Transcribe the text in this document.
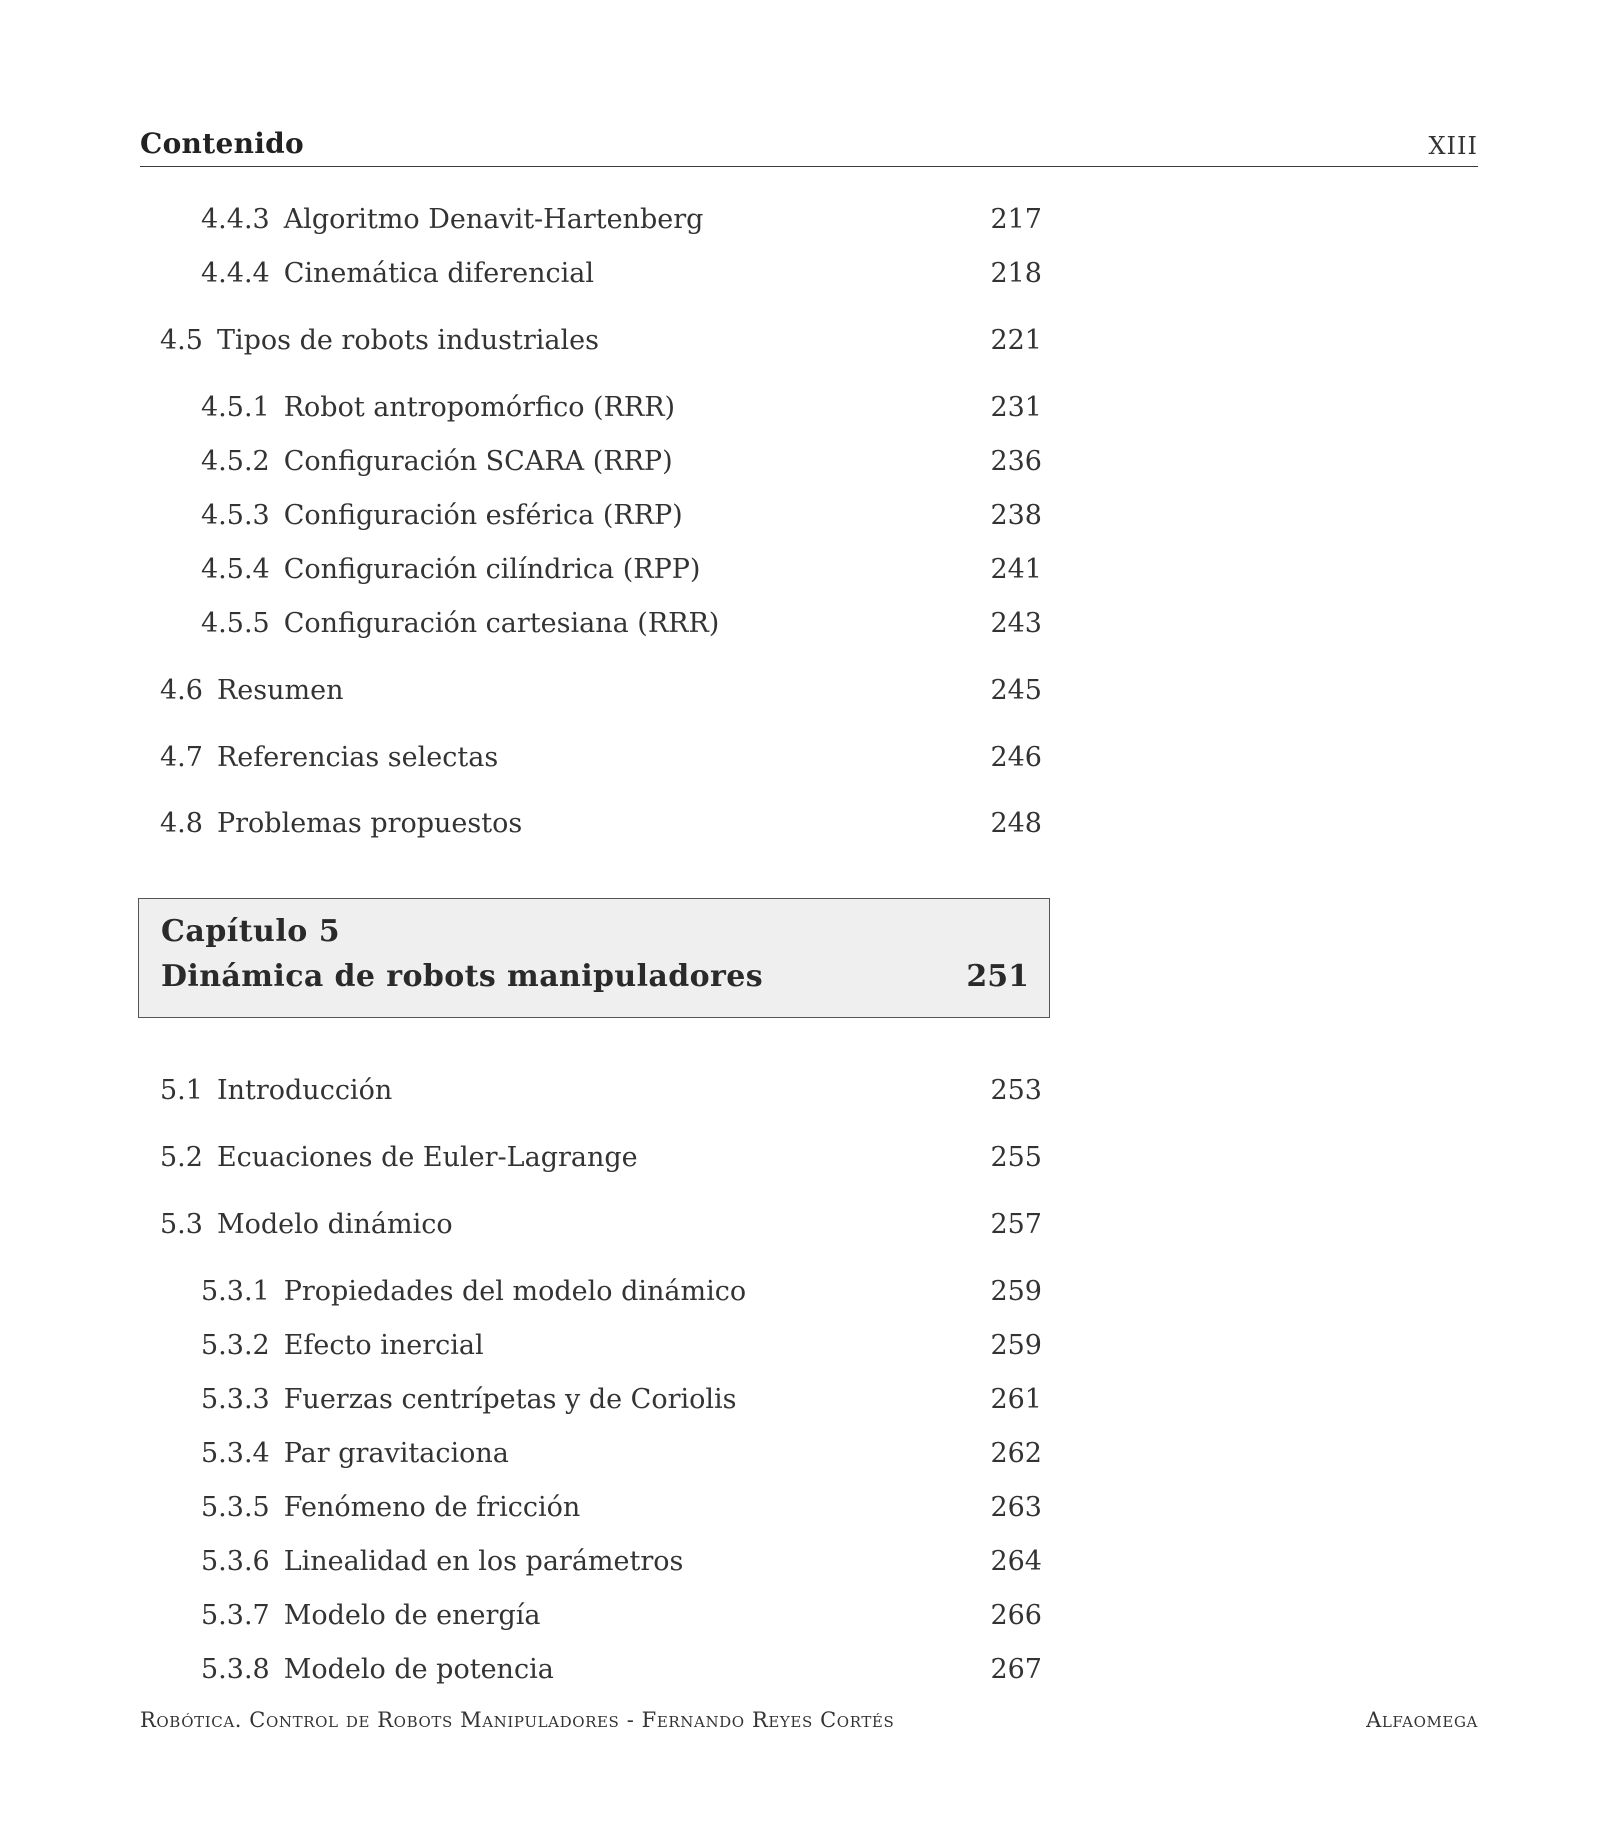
Contenido	XIII
4.4.3 Algoritmo Denavit-Hartenberg	217
4.4.4 Cinemática diferencial	218
4.5 Tipos de robots industriales	221
4.5.1 Robot antropomórfico (RRR)	231
4.5.2 Configuración SCARA (RRP)	236
4.5.3 Configuración esférica (RRP)	238
4.5.4 Configuración cilíndrica (RPP)	241
4.5.5 Configuración cartesiana (RRR)	243
4.6 Resumen	245
4.7 Referencias selectas	246
4.8 Problemas propuestos	248
Capítulo 5
Dinámica de robots manipuladores	251
5.1 Introducción	253
5.2 Ecuaciones de Euler-Lagrange	255
5.3 Modelo dinámico	257
5.3.1 Propiedades del modelo dinámico	259
5.3.2 Efecto inercial	259
5.3.3 Fuerzas centrípetas y de Coriolis	261
5.3.4 Par gravitaciona	262
5.3.5 Fenómeno de fricción	263
5.3.6 Linealidad en los parámetros	264
5.3.7 Modelo de energía	266
5.3.8 Modelo de potencia	267
Robótica. Control de Robots Manipuladores - Fernando Reyes Cortés	Alfaomega
